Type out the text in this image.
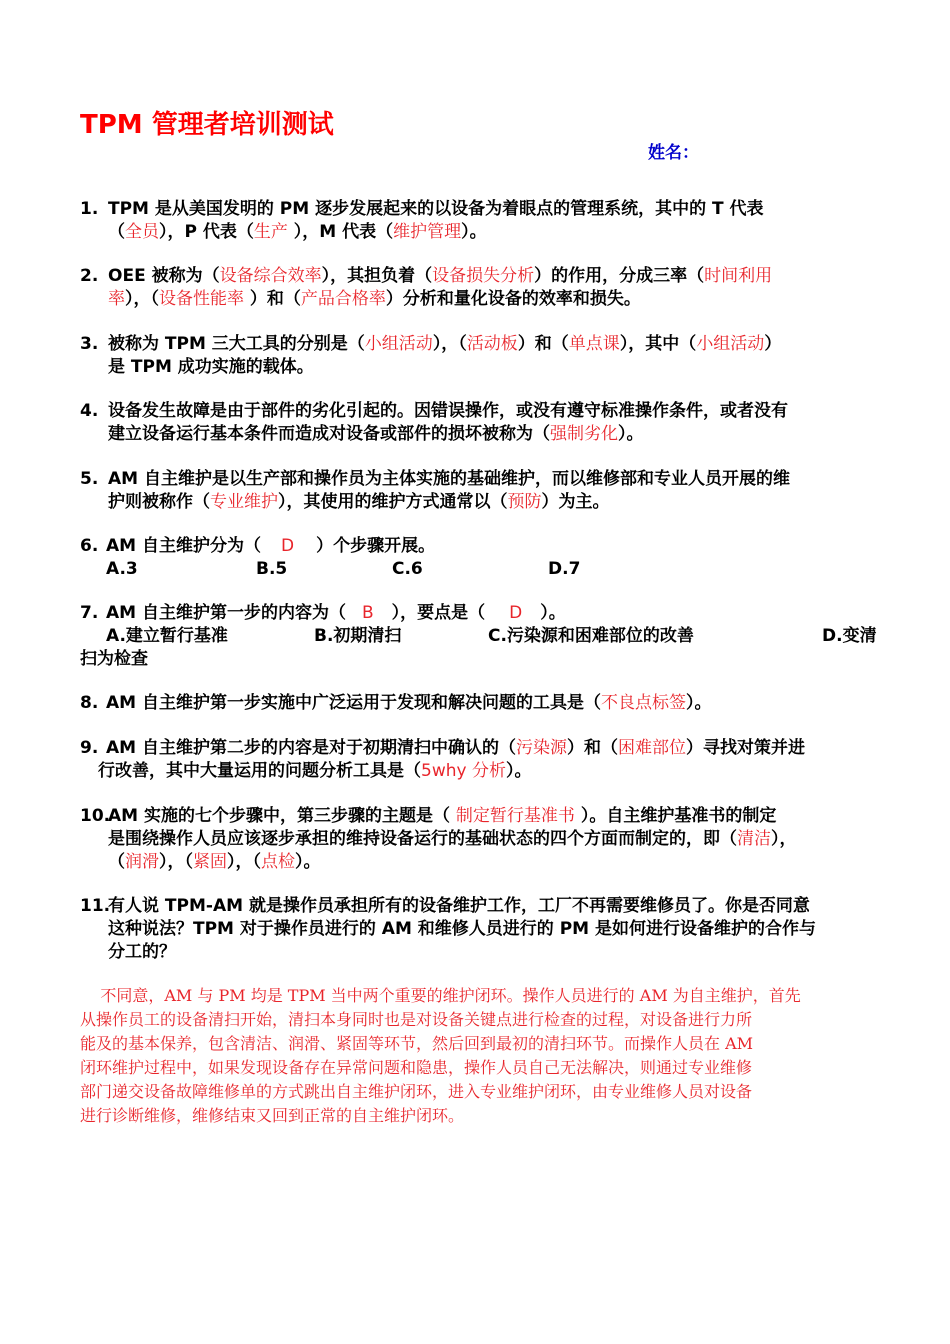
TPM 管理者培训测试
姓名：
1. TPM 是从美国发明的 PM 逐步发展起来的以设备为着眼点的管理系统，其中的 T 代表
（全员），P 代表（生产 ），M 代表（维护管理）。
2. OEE 被称为（设备综合效率），其担负着（设备损失分析）的作用，分成三率（时间利用
率），（设备性能率 ）和（产品合格率）分析和量化设备的效率和损失。
3. 被称为 TPM 三大工具的分别是（小组活动），（活动板）和（单点课），其中（小组活动）
是 TPM 成功实施的载体。
4. 设备发生故障是由于部件的劣化引起的。因错误操作，或没有遵守标准操作条件，或者没有
建立设备运行基本条件而造成对设备或部件的损坏被称为（强制劣化）。
5. AM 自主维护是以生产部和操作员为主体实施的基础维护，而以维修部和专业人员开展的维
护则被称作（专业维护），其使用的维护方式通常以（预防）为主。
6. AM 自主维护分为（ D ）个步骤开展。
A.3	B.5	C.6	D.7
7. AM 自主维护第一步的内容为（ B ），要点是（ D ）。
A.建立暂行基准	B.初期清扫	C.污染源和困难部位的改善	D.变清
扫为检查
8. AM 自主维护第一步实施中广泛运用于发现和解决问题的工具是（不良点标签）。
9. AM 自主维护第二步的内容是对于初期清扫中确认的（污染源）和（困难部位）寻找对策并进
行改善，其中大量运用的问题分析工具是（5why 分析）。
10.
AM 实施的七个步骤中，第三步骤的主题是（ 制定暂行基准书 ）。自主维护基准书的制定
是围绕操作人员应该逐步承担的维持设备运行的基础状态的四个方面而制定的，即（清洁），
（润滑），（紧固），（点检）。
11.
有人说 TPM-AM 就是操作员承担所有的设备维护工作，工厂不再需要维修员了。你是否同意
这种说法？TPM 对于操作员进行的 AM 和维修人员进行的 PM 是如何进行设备维护的合作与
分工的？
不同意，AM 与 PM 均是 TPM 当中两个重要的维护闭环。操作人员进行的 AM 为自主维护，首先
从操作员工的设备清扫开始，清扫本身同时也是对设备关键点进行检查的过程，对设备进行力所
能及的基本保养，包含清洁、润滑、紧固等环节，然后回到最初的清扫环节。而操作人员在 AM
闭环维护过程中，如果发现设备存在异常问题和隐患，操作人员自己无法解决，则通过专业维修
部门递交设备故障维修单的方式跳出自主维护闭环，进入专业维护闭环，由专业维修人员对设备
进行诊断维修，维修结束又回到正常的自主维护闭环。
